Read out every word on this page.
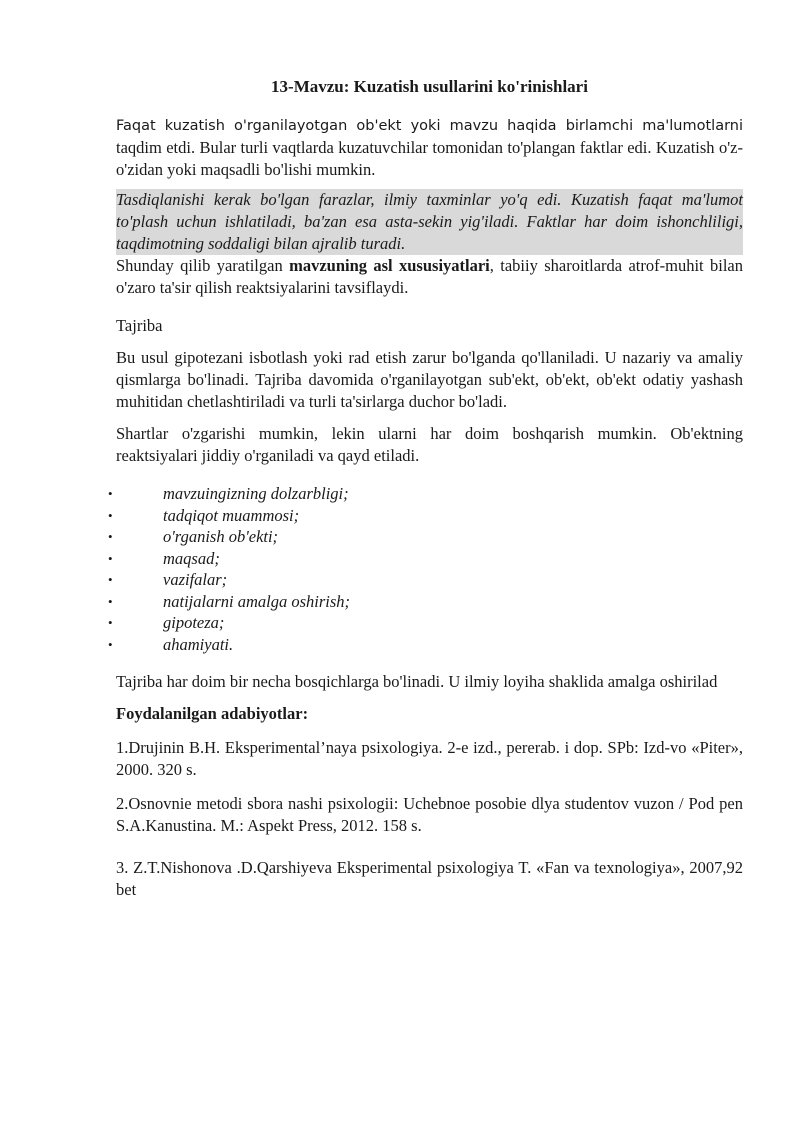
13-Mavzu: Kuzatish usullarini ko'rinishlari

Faqat kuzatish o'rganilayotgan ob'ekt yoki mavzu haqida birlamchi ma'lumotlarni taqdim etdi. Bular turli vaqtlarda kuzatuvchilar tomonidan to'plangan faktlar edi. Kuzatish o'z-o'zidan yoki maqsadli bo'lishi mumkin.

Tasdiqlanishi kerak bo'lgan farazlar, ilmiy taxminlar yo'q edi. Kuzatish faqat ma'lumot to'plash uchun ishlatiladi, ba'zan esa asta-sekin yig'iladi. Faktlar har doim ishonchliligi, taqdimotning soddaligi bilan ajralib turadi.

Shunday qilib yaratilgan mavzuning asl xususiyatlari, tabiiy sharoitlarda atrof-muhit bilan o'zaro ta'sir qilish reaktsiyalarini tavsiflaydi.

Tajriba

Bu usul gipotezani isbotlash yoki rad etish zarur bo'lganda qo'llaniladi. U nazariy va amaliy qismlarga bo'linadi. Tajriba davomida o'rganilayotgan sub'ekt, ob'ekt, ob'ekt odatiy yashash muhitidan chetlashtiriladi va turli ta'sirlarga duchor bo'ladi.

Shartlar o'zgarishi mumkin, lekin ularni har doim boshqarish mumkin. Ob'ektning reaktsiyalari jiddiy o'rganiladi va qayd etiladi.

•	mavzuingizning dolzarbligi;
•	tadqiqot muammosi;
•	o'rganish ob'ekti;
•	maqsad;
•	vazifalar;
•	natijalarni amalga oshirish;
•	gipoteza;
•	ahamiyati.

Tajriba har doim bir necha bosqichlarga bo'linadi. U ilmiy loyiha shaklida amalga oshirilad

Foydalanilgan adabiyotlar:

1.Drujinin B.H. Eksperimental’naya psixologiya. 2-e izd., pererab. i dop. SPb: Izd-vo «Piter», 2000. 320 s.

2.Osnovnie metodi sbora nashi psixologii: Uchebnoe posobie dlya studentov vuzon / Pod pen S.A.Kanustina. M.: Aspekt Press, 2012. 158 s.

3. Z.T.Nishonova .D.Qarshiyeva Eksperimental psixologiya T. «Fan va texnologiya», 2007,92 bet
